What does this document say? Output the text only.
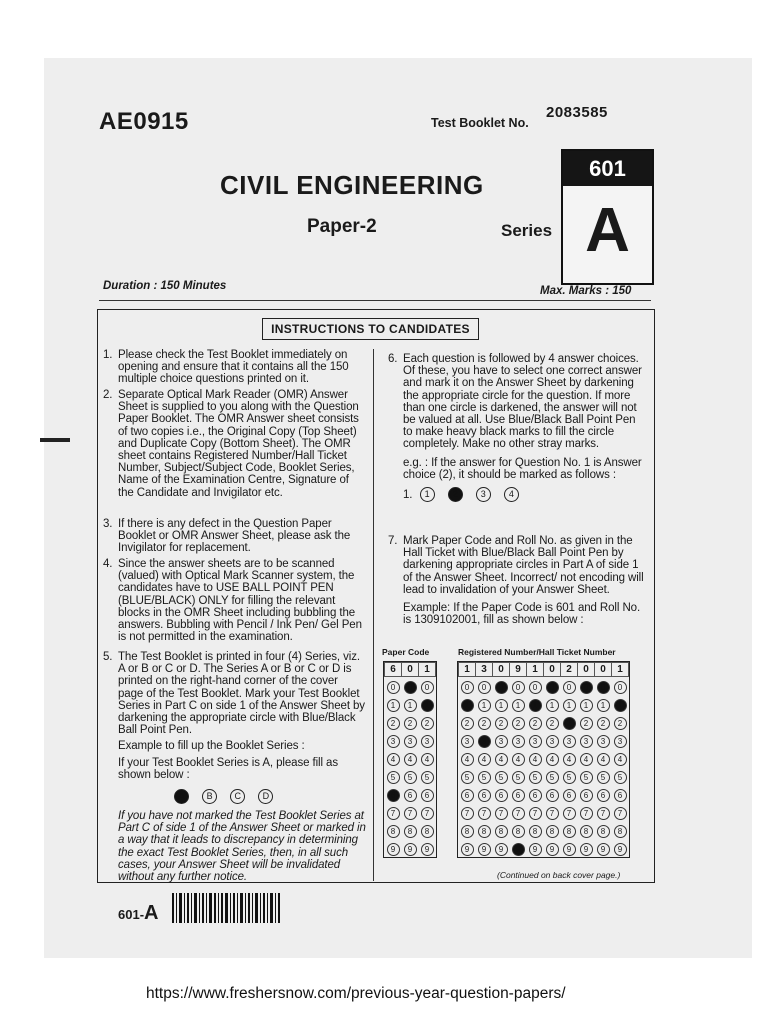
AE0915	Test Booklet No.
2083585
CIVIL ENGINEERING
Paper-2	Series
601
A
Duration : 150 Minutes	Max. Marks : 150
INSTRUCTIONS TO CANDIDATES
1. Please check the Test Booklet immediately on opening and ensure that it contains all the 150 multiple choice questions printed on it.

2. Separate Optical Mark Reader (OMR) Answer Sheet is supplied to you along with the Question Paper Booklet. The OMR Answer sheet consists of two copies i.e., the Original Copy (Top Sheet) and Duplicate Copy (Bottom Sheet). The OMR sheet contains Registered Number/Hall Ticket Number, Subject/Subject Code, Booklet Series, Name of the Examination Centre, Signature of the Candidate and Invigilator etc.

3. If there is any defect in the Question Paper Booklet or OMR Answer Sheet, please ask the Invigilator for replacement.

4. Since the answer sheets are to be scanned (valued) with Optical Mark Scanner system, the candidates have to USE BALL POINT PEN (BLUE/BLACK) ONLY for filling the relevant blocks in the OMR Sheet including bubbling the answers. Bubbling with Pencil / Ink Pen/ Gel Pen is not permitted in the examination.

5. The Test Booklet is printed in four (4) Series, viz. A or B or C or D. The Series A or B or C or D is printed on the right-hand corner of the cover page of the Test Booklet. Mark your Test Booklet Series in Part C on side 1 of the Answer Sheet by darkening the appropriate circle with Blue/Black Ball Point Pen.

Example to fill up the Booklet Series :

If your Test Booklet Series is A, please fill as shown below :

A B C D

If you have not marked the Test Booklet Series at Part C of side 1 of the Answer Sheet or marked in a way that it leads to discrepancy in determining the exact Test Booklet Series, then, in all such cases, your Answer Sheet will be invalidated without any further notice.

6. Each question is followed by 4 answer choices. Of these, you have to select one correct answer and mark it on the Answer Sheet by darkening the appropriate circle for the question. If more than one circle is darkened, the answer will not be valued at all. Use Blue/Black Ball Point Pen to make heavy black marks to fill the circle completely. Make no other stray marks.

e.g. : If the answer for Question No. 1 is Answer choice (2), it should be marked as follows :

1. 1	2	3	4
7. Mark Paper Code and Roll No. as given in the Hall Ticket with Blue/Black Ball Point Pen by darkening appropriate circles in Part A of side 1 of the Answer Sheet. Incorrect/ not encoding will lead to invalidation of your Answer Sheet.

Example: If the Paper Code is 601 and Roll No. is 1309102001, fill as shown below :

Paper Code	Registered Number/Hall Ticket Number
6	0	1
0	0	0
1	1	1
2	2	2
3	3	3
4	4	4
5	5	5
6	6	6
7	7	7
8	8	8
9	9	9
1	3	0	9	1	0	2	0	0	1
0	0	0	0	0	0	0	0	0	0
1	1	1	1	1	1	1	1	1	1
2	2	2	2	2	2	2	2	2	2
3	3	3	3	3	3	3	3	3	3
4	4	4	4	4	4	4	4	4	4
5	5	5	5	5	5	5	5	5	5
6	6	6	6	6	6	6	6	6	6
7	7	7	7	7	7	7	7	7	7
8	8	8	8	8	8	8	8	8	8
9	9	9	9	9	9	9	9	9	9
(Continued on back cover page.)
601-A
https://www.freshersnow.com/previous-year-question-papers/
